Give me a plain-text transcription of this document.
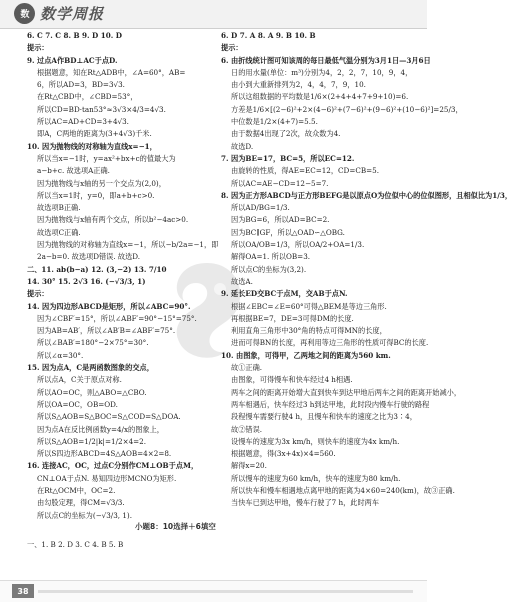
数 数学周报
6. C 7. C 8. B 9. D 10. D
提示：
9. 过点A作BD⊥AC于点D.
根据题意，知在Rt△ADB中，∠A=60°，AB=
6，所以AD=3，BD=3√3.
在Rt△CBD中，∠CBD=53°，
所以CD=BD·tan53°≈3√3×4/3=4√3.
所以AC=AD+CD=3+4√3.
即A，C两地的距离为(3+4√3)千米.
10. 因为抛物线的对称轴为直线x=−1，
所以当x=−1时，y=ax²+bx+c的值最大为
a−b+c. 故选项A正确.
因为抛物线与x轴的另一个交点为(2,0)，
所以当x=1时，y=0，即a+b+c>0.
故选项B正确.
因为抛物线与x轴有两个交点，所以b²−4ac>0.
故选项C正确.
因为抛物线的对称轴为直线x=−1，所以−b/2a=−1，即
2a−b=0. 故选项D错误. 故选D.
二、11. ab(b−a) 12. (3,−2) 13. 7/10
14. 30° 15. 2√3 16. (−√3/3, 1)
提示：
14. 因为四边形ABCD是矩形，所以∠ABC=90°.
因为∠CBF′=15°，所以∠ABF′=90°−15°=75°.
因为AB=AB′，所以∠AB′B=∠ABF′=75°.
所以∠BAB′=180°−2×75°=30°.
所以∠α=30°.
15. 因为点A，C是两函数图象的交点，
所以点A，C关于原点对称.
所以AO=OC，则△ABO=△CBO.
所以OA=OC，OB=OD.
所以S△AOB=S△BOC=S△COD=S△DOA.
因为点A在反比例函数y=4/x的图象上，
所以S△AOB=1/2|k|=1/2×4=2.
所以S四边形ABCD=4S△AOB=4×2=8.
16. 连接AC，OC，过点C分别作CM⊥OB于点M，
CN⊥OA于点N. 易知四边形MCNO为矩形.
在Rt△OCM中，OC=2.
由勾股定理，得CM=√3/3.
所以点C的坐标为(−√3/3, 1).
6. D 7. A 8. A 9. B 10. B
提示：
6. 由折线统计图可知该周的每日最低气温分别为3月1日—3月6日
日的用水量(单位：m³)分别为4，2，2，7，10，9，4，
由小到大重新排列为2，4，4，7，9，10.
所以这组数据的平均数是1/6×(2+4+4+7+9+10)=6.
方差是1/6×[(2−6)²+2×(4−6)²+(7−6)²+(9−6)²+(10−6)²]=25/3，
中位数是1/2×(4+7)=5.5.
由于数据4出现了2次，故众数为4.
故选D.
7. 因为BE=17，BC=5，所以EC=12.
由旋转的性质，得AE=EC=12，CD=CB=5.
所以AC=AE−CD=12−5=7.
8. 因为正方形ABCD与正方形BEFG是以原点O为位似中心的位似图形，且相似比为1/3，
所以AD/BG=1/3.
因为BG=6，所以AD=BC=2.
因为BC∥GF，所以△OAD∽△OBG.
所以OA/OB=1/3，所以OA/2+OA=1/3.
解得OA=1. 所以OB=3.
所以点C的坐标为(3,2).
故选A.
9. 延长ED交BC于点M，交AB于点N.
根据∠EBC=∠E=60°可得△BEM是等边三角形.
再根据BE=7，DE=3可得DM的长度.
利用直角三角形中30°角的特点可得MN的长度，
进而可得BN的长度，再利用等边三角形的性质可得BC的长度.
10. 由图象，可得甲，乙两地之间的距离为560 km.
故①正确.
由图象，可得慢车和快车经过4 h相遇.
两车之间的距离开始增大直到快车到达甲地后两车之间的距离开始减小，
两车相遇后，快车经过3 h到达甲地，此时段内慢车行驶的路程
段程慢车需要行驶4 h，且慢车和快车的速度之比为3∶4，
故②错误.
设慢车的速度为3x km/h，则快车的速度为4x km/h.
根据题意，得(3x+4x)×4=560.
解得x=20.
所以慢车的速度为60 km/h，快车的速度为80 km/h.
所以快车和慢车相遇地点离甲地的距离为4×60=240(km)，故③正确.
当快车已到达甲地，慢车行驶了7 h，此时两车
小题8：10选择＋6填空
一、1. B 2. D 3. C 4. B 5. B
38
